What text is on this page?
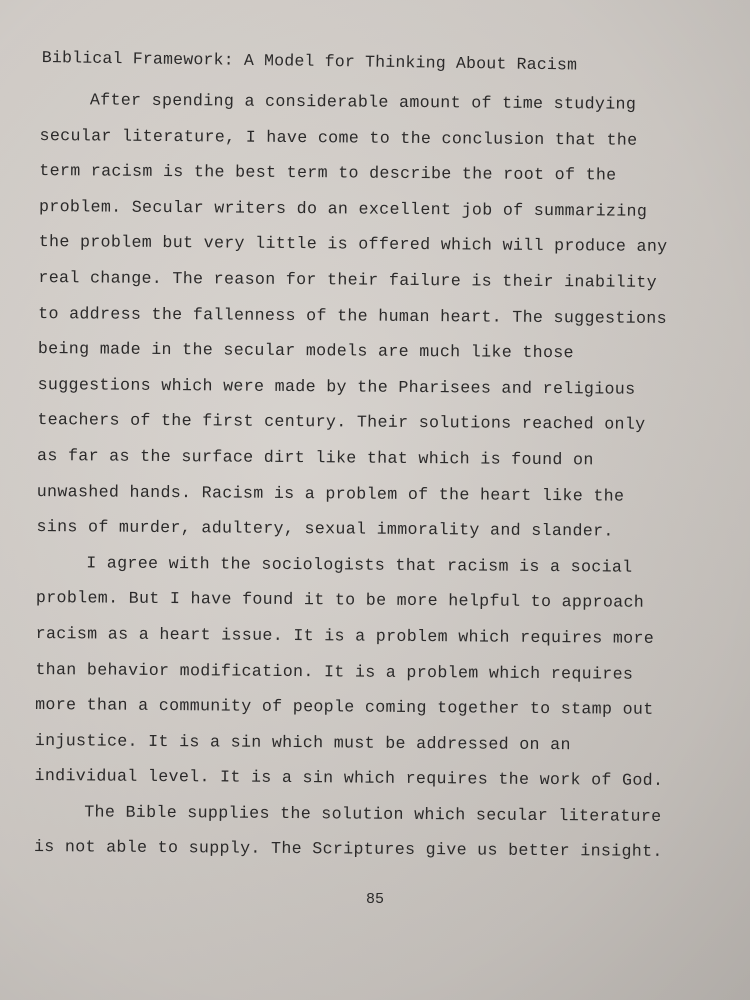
Biblical Framework: A Model for Thinking About Racism
After spending a considerable amount of time studying
secular literature, I have come to the conclusion that the
term racism is the best term to describe the root of the
problem. Secular writers do an excellent job of summarizing
the problem but very little is offered which will produce any
real change. The reason for their failure is their inability
to address the fallenness of the human heart. The suggestions
being made in the secular models are much like those
suggestions which were made by the Pharisees and religious
teachers of the first century. Their solutions reached only
as far as the surface dirt like that which is found on
unwashed hands. Racism is a problem of the heart like the
sins of murder, adultery, sexual immorality and slander.
I agree with the sociologists that racism is a social
problem. But I have found it to be more helpful to approach
racism as a heart issue. It is a problem which requires more
than behavior modification. It is a problem which requires
more than a community of people coming together to stamp out
injustice. It is a sin which must be addressed on an
individual level. It is a sin which requires the work of God.
The Bible supplies the solution which secular literature
is not able to supply. The Scriptures give us better insight.
85
